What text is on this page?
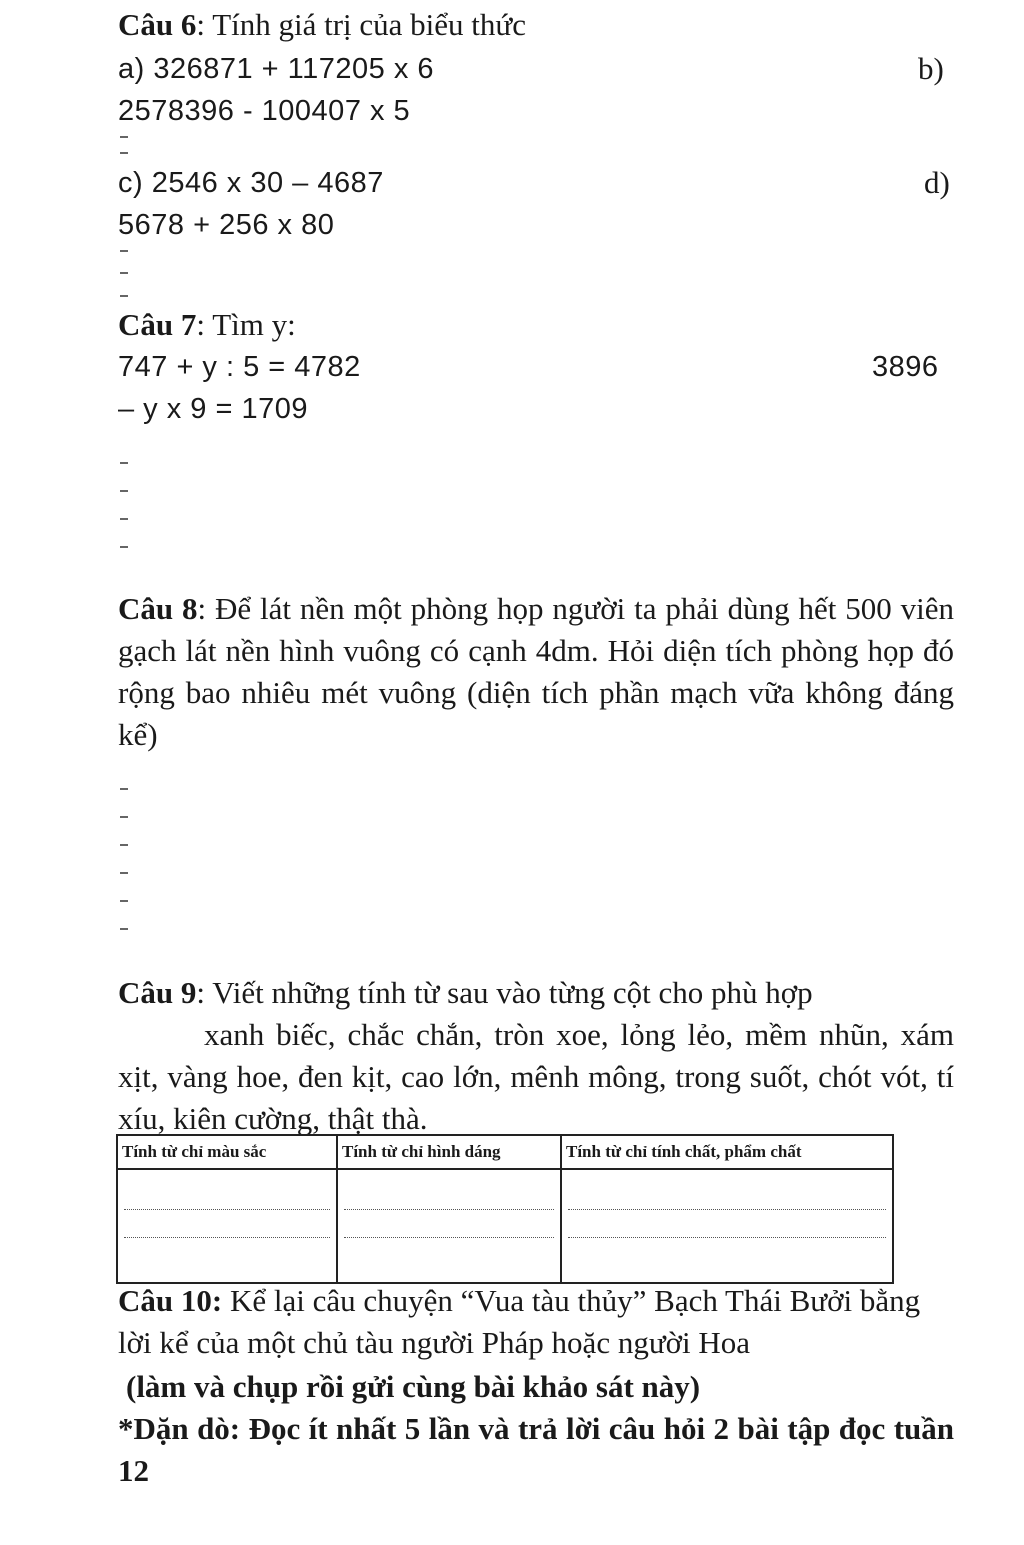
Câu 6: Tính giá trị của biểu thức
a) 326871 + 117205 x 6	b)
2578396 - 100407 x 5
c) 2546 x 30 – 4687	d)
5678 + 256 x 80
Câu 7: Tìm y:
747 + y : 5 = 4782	3896
– y x 9 = 1709
Câu 8: Để lát nền một phòng họp người ta phải dùng hết 500 viên gạch lát nền hình vuông có cạnh 4dm. Hỏi diện tích phòng họp đó rộng bao nhiêu mét vuông (diện tích phần mạch vữa không đáng kể)
Câu 9: Viết những tính từ sau vào từng cột cho phù hợp
xanh biếc, chắc chắn, tròn xoe, lỏng lẻo, mềm nhũn, xám xịt, vàng hoe, đen kịt, cao lớn, mênh mông, trong suốt, chót vót, tí xíu, kiên cường, thật thà.
Tính từ chỉ màu sắc	Tính từ chỉ hình dáng	Tính từ chỉ tính chất, phẩm chất

Câu 10: Kể lại câu chuyện “Vua tàu thủy” Bạch Thái Bưởi bằng lời kể của một chủ tàu người Pháp hoặc người Hoa
(làm và chụp rồi gửi cùng bài khảo sát này)
*Dặn dò: Đọc ít nhất 5 lần và trả lời câu hỏi 2 bài tập đọc tuần 12
